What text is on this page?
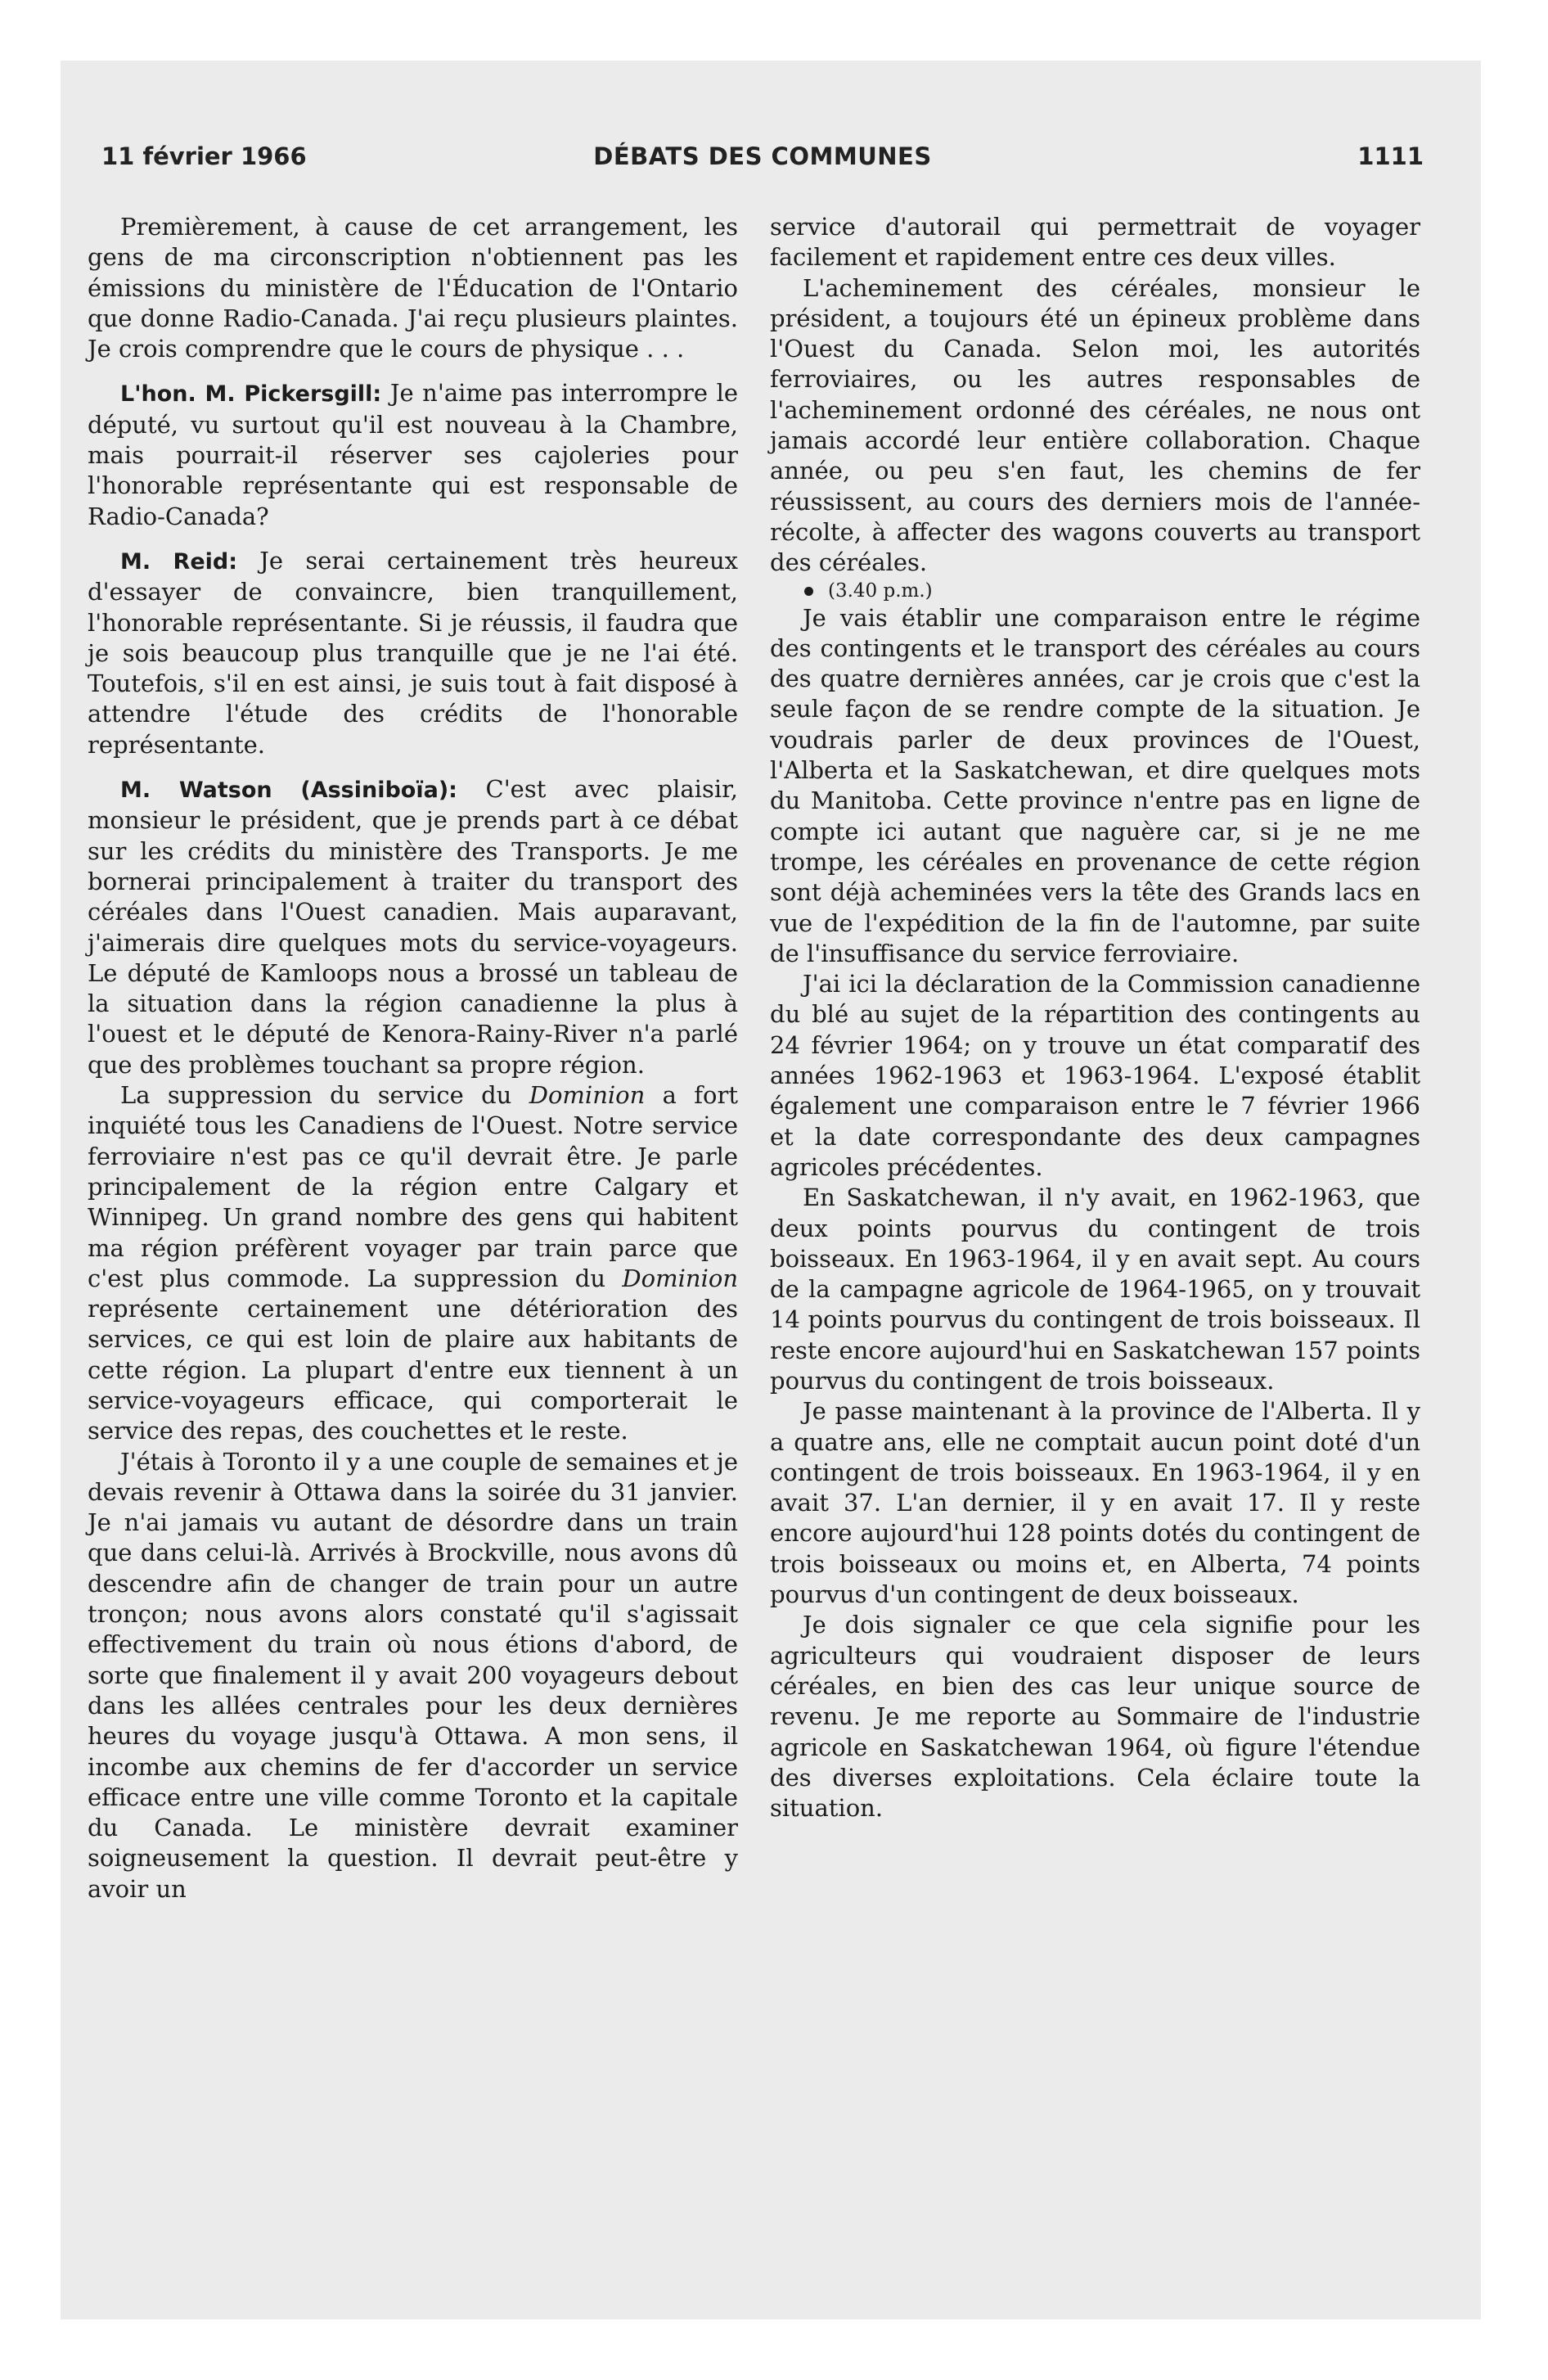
11 février 1966	DÉBATS DES COMMUNES	1111

Premièrement, à cause de cet arrangement, les gens de ma circonscription n'obtiennent pas les émissions du ministère de l'Éducation de l'Ontario que donne Radio-Canada. J'ai reçu plusieurs plaintes. Je crois comprendre que le cours de physique . . .

L'hon. M. Pickersgill: Je n'aime pas interrompre le député, vu surtout qu'il est nouveau à la Chambre, mais pourrait-il réserver ses cajoleries pour l'honorable représentante qui est responsable de Radio-Canada?

M. Reid: Je serai certainement très heureux d'essayer de convaincre, bien tranquillement, l'honorable représentante. Si je réussis, il faudra que je sois beaucoup plus tranquille que je ne l'ai été. Toutefois, s'il en est ainsi, je suis tout à fait disposé à attendre l'étude des crédits de l'honorable représentante.

M. Watson (Assiniboïa): C'est avec plaisir, monsieur le président, que je prends part à ce débat sur les crédits du ministère des Transports. Je me bornerai principalement à traiter du transport des céréales dans l'Ouest canadien. Mais auparavant, j'aimerais dire quelques mots du service-voyageurs. Le député de Kamloops nous a brossé un tableau de la situation dans la région canadienne la plus à l'ouest et le député de Kenora-Rainy-River n'a parlé que des problèmes touchant sa propre région.

La suppression du service du Dominion a fort inquiété tous les Canadiens de l'Ouest. Notre service ferroviaire n'est pas ce qu'il devrait être. Je parle principalement de la région entre Calgary et Winnipeg. Un grand nombre des gens qui habitent ma région préfèrent voyager par train parce que c'est plus commode. La suppression du Dominion représente certainement une détérioration des services, ce qui est loin de plaire aux habitants de cette région. La plupart d'entre eux tiennent à un service-voyageurs efficace, qui comporterait le service des repas, des couchettes et le reste.

J'étais à Toronto il y a une couple de semaines et je devais revenir à Ottawa dans la soirée du 31 janvier. Je n'ai jamais vu autant de désordre dans un train que dans celui-là. Arrivés à Brockville, nous avons dû descendre afin de changer de train pour un autre tronçon; nous avons alors constaté qu'il s'agissait effectivement du train où nous étions d'abord, de sorte que finalement il y avait 200 voyageurs debout dans les allées centrales pour les deux dernières heures du voyage jusqu'à Ottawa. A mon sens, il incombe aux chemins de fer d'accorder un service efficace entre une ville comme Toronto et la capitale du Canada. Le ministère devrait examiner soigneusement la question. Il devrait peut-être y avoir un

service d'autorail qui permettrait de voyager facilement et rapidement entre ces deux villes.

L'acheminement des céréales, monsieur le président, a toujours été un épineux problème dans l'Ouest du Canada. Selon moi, les autorités ferroviaires, ou les autres responsables de l'acheminement ordonné des céréales, ne nous ont jamais accordé leur entière collaboration. Chaque année, ou peu s'en faut, les chemins de fer réussissent, au cours des derniers mois de l'année-récolte, à affecter des wagons couverts au transport des céréales.

(3.40 p.m.)

Je vais établir une comparaison entre le régime des contingents et le transport des céréales au cours des quatre dernières années, car je crois que c'est la seule façon de se rendre compte de la situation. Je voudrais parler de deux provinces de l'Ouest, l'Alberta et la Saskatchewan, et dire quelques mots du Manitoba. Cette province n'entre pas en ligne de compte ici autant que naguère car, si je ne me trompe, les céréales en provenance de cette région sont déjà acheminées vers la tête des Grands lacs en vue de l'expédition de la fin de l'automne, par suite de l'insuffisance du service ferroviaire.

J'ai ici la déclaration de la Commission canadienne du blé au sujet de la répartition des contingents au 24 février 1964; on y trouve un état comparatif des années 1962-1963 et 1963-1964. L'exposé établit également une comparaison entre le 7 février 1966 et la date correspondante des deux campagnes agricoles précédentes.

En Saskatchewan, il n'y avait, en 1962-1963, que deux points pourvus du contingent de trois boisseaux. En 1963-1964, il y en avait sept. Au cours de la campagne agricole de 1964-1965, on y trouvait 14 points pourvus du contingent de trois boisseaux. Il reste encore aujourd'hui en Saskatchewan 157 points pourvus du contingent de trois boisseaux.

Je passe maintenant à la province de l'Alberta. Il y a quatre ans, elle ne comptait aucun point doté d'un contingent de trois boisseaux. En 1963-1964, il y en avait 37. L'an dernier, il y en avait 17. Il y reste encore aujourd'hui 128 points dotés du contingent de trois boisseaux ou moins et, en Alberta, 74 points pourvus d'un contingent de deux boisseaux.

Je dois signaler ce que cela signifie pour les agriculteurs qui voudraient disposer de leurs céréales, en bien des cas leur unique source de revenu. Je me reporte au Sommaire de l'industrie agricole en Saskatchewan 1964, où figure l'étendue des diverses exploitations. Cela éclaire toute la situation.
